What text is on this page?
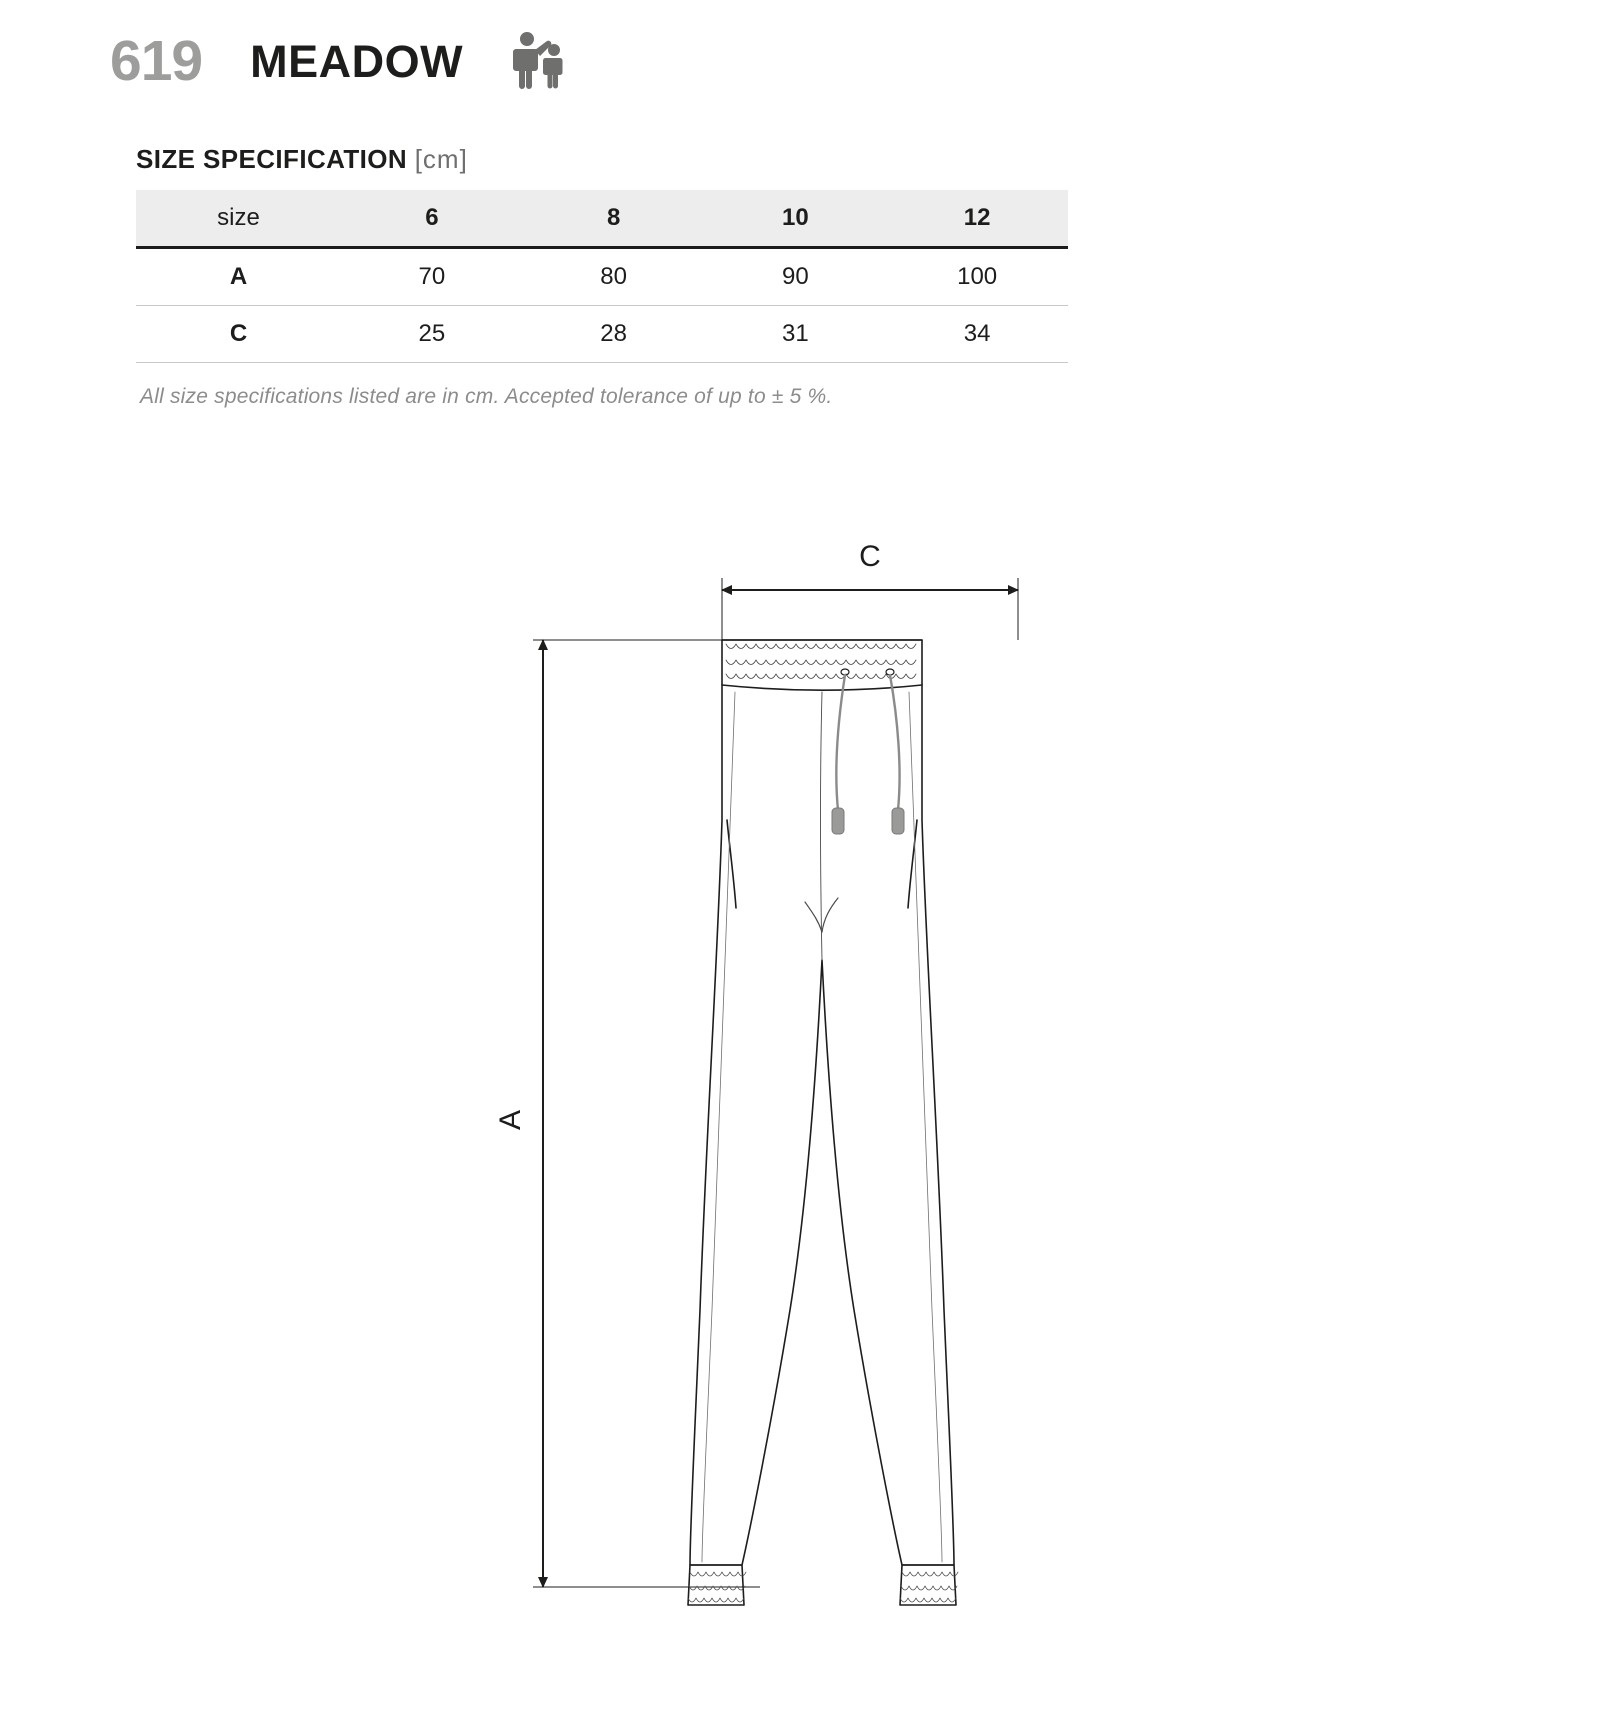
619 MEADOW
SIZE SPECIFICATION [cm]
size	6	8	10	12
A	70	80	90	100
C	25	28	31	34
All size specifications listed are in cm. Accepted tolerance of up to ± 5 %.
C
A
